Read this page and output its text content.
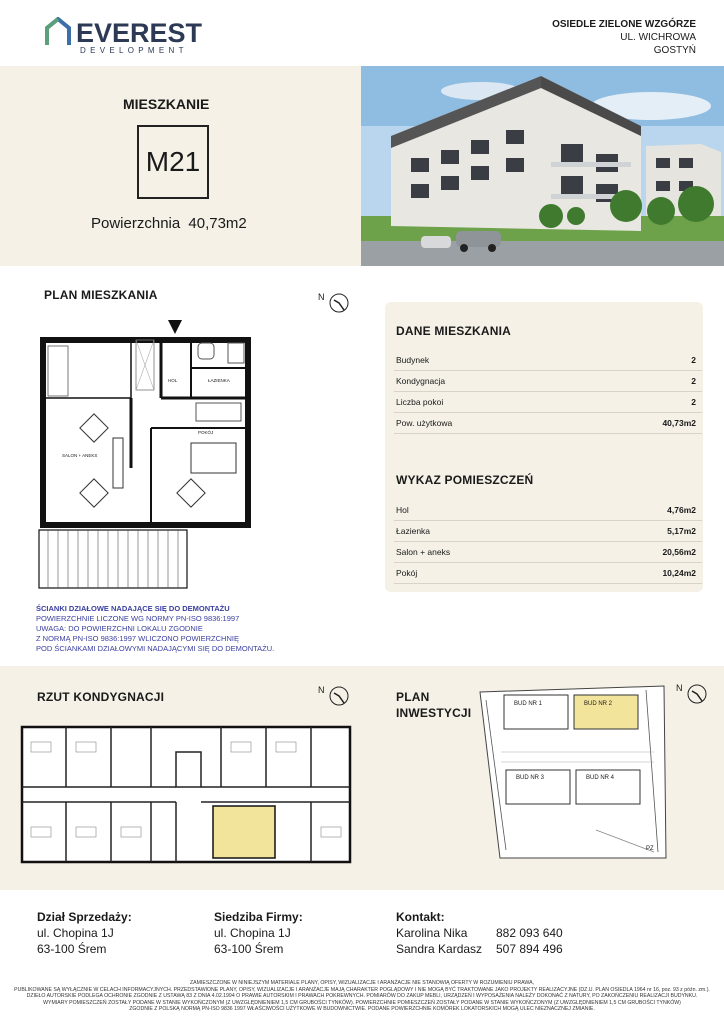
EVEREST
DEVELOPMENT
OSIEDLE ZIELONE WZGÓRZE
UL. WICHROWA
GOSTYŃ
MIESZKANIE
M21
Powierzchnia 40,73m2
PLAN MIESZKANIA	N
SALON + ANEKS
POKÓJ
ŁAZIENKA
HOL
ŚCIANKI DZIAŁOWE NADAJĄCE SIĘ DO DEMONTAŻU
POWIERZCHNIE LICZONE WG NORMY PN-ISO 9836:1997
UWAGA: DO POWIERZCHNI LOKALU ZGODNIE
Z NORMĄ PN-ISO 9836:1997 WLICZONO POWIERZCHNIĘ
POD ŚCIANKAMI DZIAŁOWYMI NADAJĄCYMI SIĘ DO DEMONTAŻU.
DANE MIESZKANIA
Budynek	2
Kondygnacja	2
Liczba pokoi	2
Pow. użytkowa	40,73m2
WYKAZ POMIESZCZEŃ
Hol	4,76m2
Łazienka	5,17m2
Salon + aneks	20,56m2
Pokój	10,24m2
RZUT KONDYGNACJI	N	PLAN
INWESTYCJI
N
BUD NR 1	BUD NR 2
BUD NR 3	BUD NR 4
PZ
Dział Sprzedaży:
ul. Chopina 1J
63-100 Śrem
Siedziba Firmy:
ul. Chopina 1J
63-100 Śrem
Kontakt:
Karolina Nika 882 093 640
Sandra Kardasz 507 894 496
ZAMIESZCZONE W NINIEJSZYM MATERIALE PLANY, OPISY, WIZUALIZACJE I ARANŻACJE NIE STANOWIĄ OFERTY W ROZUMIENIU PRAWA,
PUBLIKOWANE SĄ WYŁĄCZNIE W CELACH INFORMACYJNYCH. PRZEDSTAWIONE PLANY, OPISY, WIZUALIZACJE I ARANŻACJE MAJĄ CHARAKTER POGLĄDOWY I NIE MOGĄ BYĆ TRAKTOWANE JAKO PROJEKTY REALIZACYJNE (DZ.U. PLAN OSIEDLA 1964 nr 16, poz. 93 z późn. zm.).
DZIEŁO AUTORSKIE PODLEGA OCHRONIE ZGODNIE Z USTAWĄ 83 Z DNIA 4.02.1994 O PRAWIE AUTORSKIM I PRAWACH POKREWNYCH. POMIARÓW DO ZAKUP MEBLI, URZĄDZEŃ I WYPOSAŻENIA NALEŻY DOKONAĆ Z NATURY, PO ZAKOŃCZENIU REALIZACJI BUDYNKU.
WYMIARY POMIESZCZEŃ ZOSTAŁY PODANE W STANIE WYKOŃCZONYM (Z UWZGLĘDNIENIEM 1,5 CM GRUBOŚCI TYNKÓW). POWIERZCHNIE POMIESZCZEŃ ZOSTAŁY PODANE W STANIE WYKOŃCZONYM (Z UWZGLĘDNIENIEM 1,5 CM GRUBOŚCI TYNKÓW)
ZGODNIE Z POLSKĄ NORMĄ PN-ISO 9836 1997 WŁAŚCIWOŚCI UŻYTKOWE W BUDOWNICTWIE. PODANE POWIERZCHNIE KOMÓREK LOKATORSKICH MOGĄ ULEC NIEZNACZNEJ ZMIANIE.
